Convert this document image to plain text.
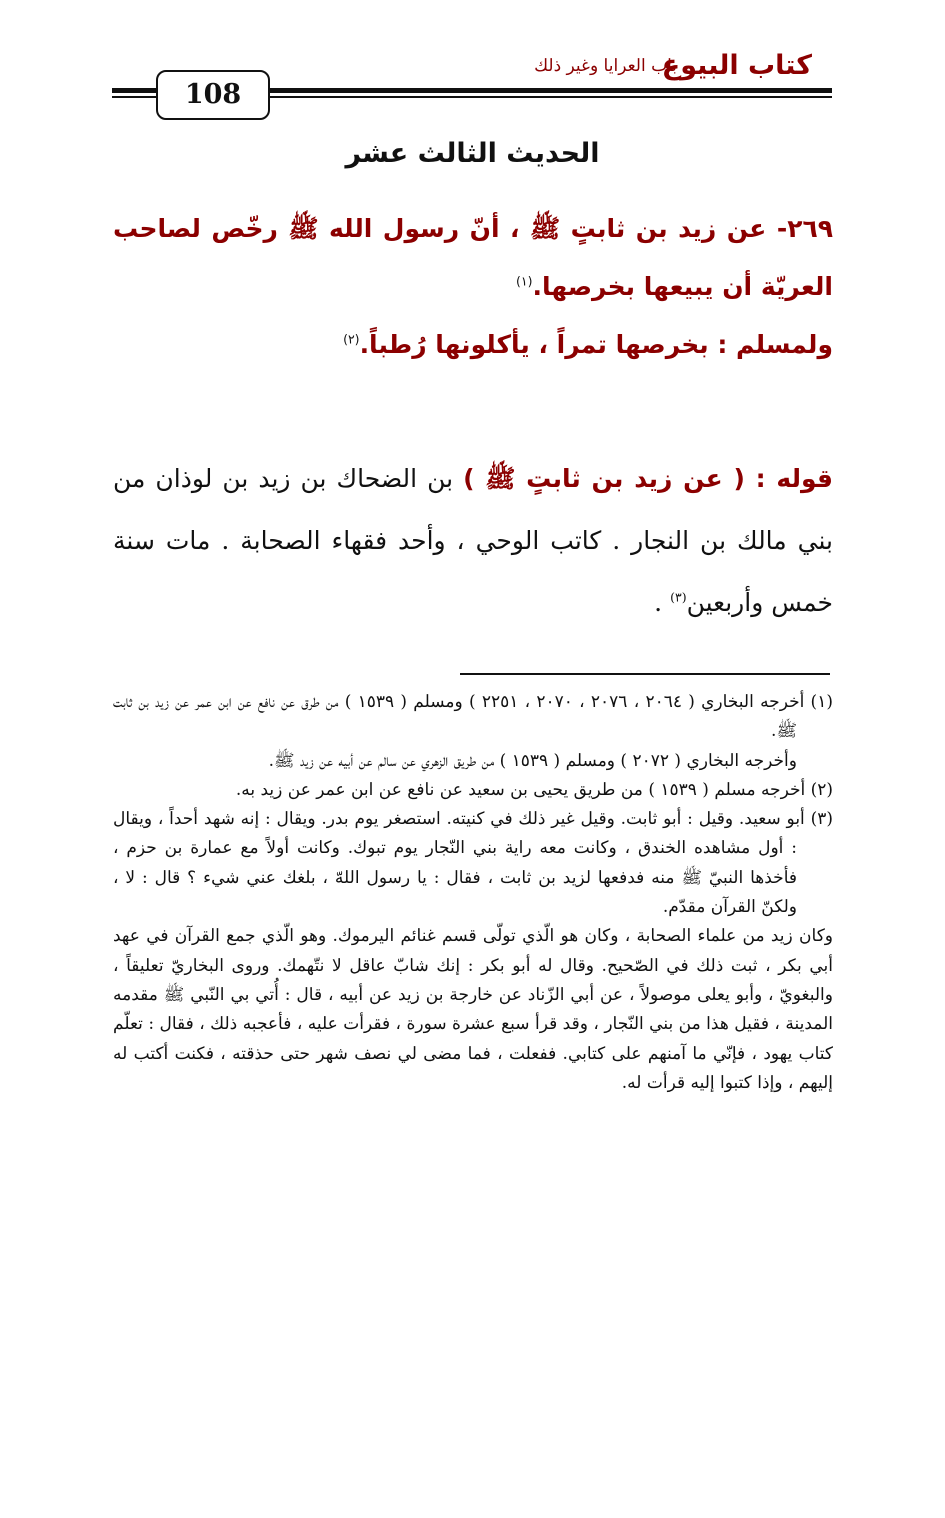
كتاب البيوع
باب العرايا وغير ذلك
108
الحديث الثالث عشر

٢٦٩- عن زيد بن ثابتٍ ﷺ ، أنّ رسول الله ﷺ رخّص لصاحب العريّة أن يبيعها بخرصها.$^{(١)}$

ولمسلم : بخرصها تمراً ، يأكلونها رُطباً.$^{(٢)}$

قوله : ( عن زيد بن ثابتٍ ﷺ ) بن الضحاك بن زيد بن لوذان من بني مالك بن النجار . كاتب الوحي ، وأحد فقهاء الصحابة . مات سنة خمس وأربعين$^{(٣)}$ .

(١) أخرجه البخاري ( ٢٠٦٤ ، ٢٠٧٦ ، ٢٠٧٠ ، ٢٢٥١ ) ومسلم ( ١٥٣٩ ) من طرق عن نافع عن ابن عمر عن زيد بن ثابت ﷺ.

وأخرجه البخاري ( ٢٠٧٢ ) ومسلم ( ١٥٣٩ ) من طريق الزهري عن سالم عن أبيه عن زيد ﷺ.

(٢) أخرجه مسلم ( ١٥٣٩ ) من طريق يحيى بن سعيد عن نافع عن ابن عمر عن زيد به.

(٣) أبو سعيد. وقيل : أبو ثابت. وقيل غير ذلك في كنيته. استصغر يوم بدر. ويقال : إنه شهد أحداً ، ويقال : أول مشاهده الخندق ، وكانت معه راية بني النّجار يوم تبوك. وكانت أولاً مع عمارة بن حزم ، فأخذها النبيّ ﷺ منه فدفعها لزيد بن ثابت ، فقال : يا رسول اللهّ ، بلغك عني شيء ؟ قال : لا ، ولكنّ القرآن مقدّم.

وكان زيد من علماء الصحابة ، وكان هو الّذي تولّى قسم غنائم اليرموك. وهو الّذي جمع القرآن في عهد أبي بكر ، ثبت ذلك في الصّحيح. وقال له أبو بكر : إنك شابّ عاقل لا نتّهمك. وروى البخاريّ تعليقاً ، والبغويّ ، وأبو يعلى موصولاً ، عن أبي الزّناد عن خارجة بن زيد عن أبيه ، قال : أُتي بي النّبي ﷺ مقدمه المدينة ، فقيل هذا من بني النّجار ، وقد قرأ سبع عشرة سورة ، فقرأت عليه ، فأعجبه ذلك ، فقال : تعلّم كتاب يهود ، فإنّي ما آمنهم على كتابي. ففعلت ، فما مضى لي نصف شهر حتى حذقته ، فكنت أكتب له إليهم ، وإذا كتبوا إليه قرأت له.
